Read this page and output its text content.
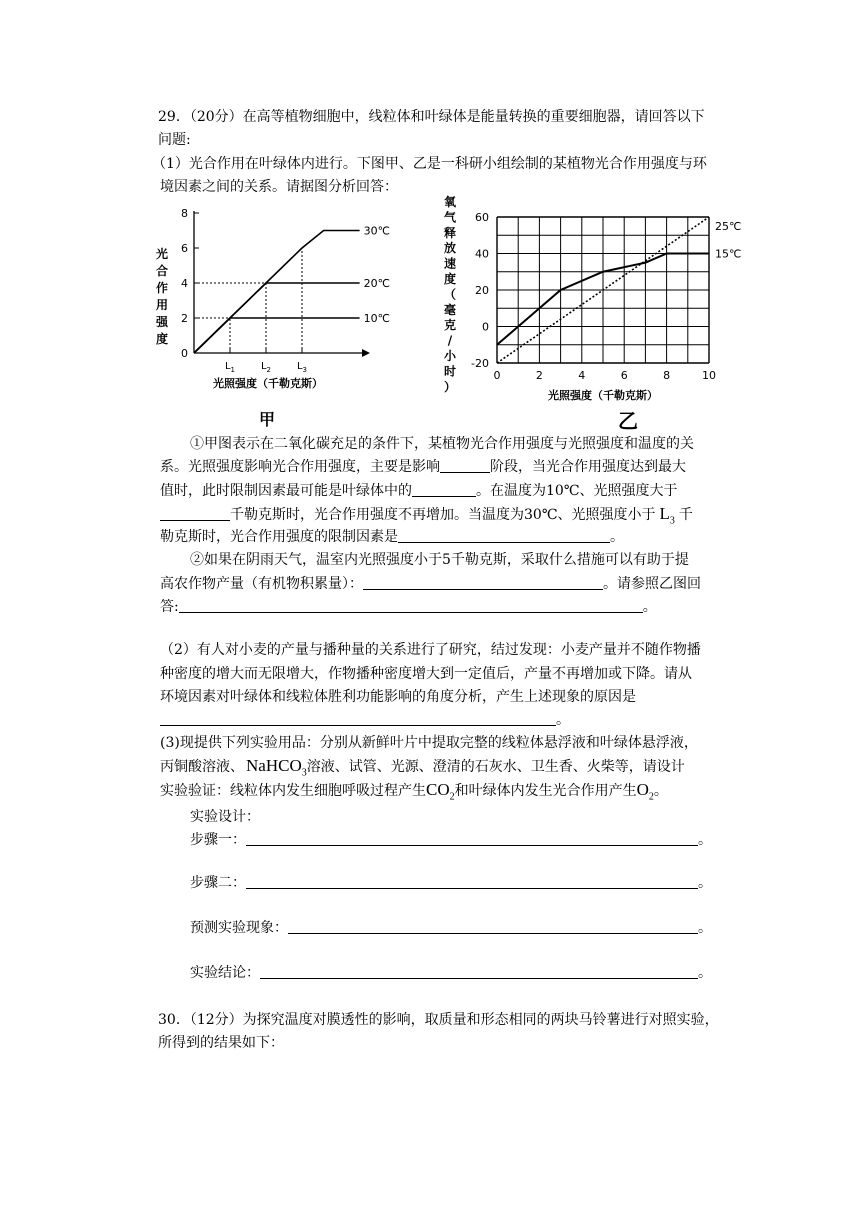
29．（20分）在高等植物细胞中，线粒体和叶绿体是能量转换的重要细胞器，请回答以下
问题:
（1）光合作用在叶绿体内进行。下图甲、乙是一科研小组绘制的某植物光合作用强度与环
境因素之间的关系。请据图分析回答：
光
合
作
用
强
度
0
2
4
6
8
$L_1$	$L_2$	$L_3$
30℃
20℃
10℃
光照强度（千勒克斯）
甲
氧
气
释
放
速
度
（
毫
克
/
小
时
）
-20
0
20
40
60
0	2	4	6	8	10
25℃
15℃
光照强度（千勒克斯）
乙
①甲图表示在二氧化碳充足的条件下，某植物光合作用强度与光照强度和温度的关
系。光照强度影响光合作用强度，主要是影响	阶段，当光合作用强度达到最大
值时，此时限制因素最可能是叶绿体中的	。在温度为10℃、光照强度大于
千勒克斯时，光合作用强度不再增加。当温度为30℃、光照强度小于 $L_3$ 千
勒克斯时，光合作用强度的限制因素是	。
②如果在阴雨天气，温室内光照强度小于5千勒克斯，采取什么措施可以有助于提
高农作物产量（有机物积累量）：	。请参照乙图回
答:	。
（2）有人对小麦的产量与播种量的关系进行了研究，结过发现：小麦产量并不随作物播
种密度的增大而无限增大，作物播种密度增大到一定值后，产量不再增加或下降。请从
环境因素对叶绿体和线粒体胜利功能影响的角度分析，产生上述现象的原因是
。
(3)现提供下列实验用品：分别从新鲜叶片中提取完整的线粒体悬浮液和叶绿体悬浮液，
丙铜酸溶液、 NaHCO$_3$溶液、试管、光源、澄清的石灰水、卫生香、火柴等，请设计
实验验证：线粒体内发生细胞呼吸过程产生$CO_2$和叶绿体内发生光合作用产生$O_2$。
实验设计：
步骤一：	。
步骤二：	。
预测实验现象：	。
实验结论：	。
30．（12分）为探究温度对膜透性的影响，取质量和形态相同的两块马铃薯进行对照实验，
所得到的结果如下：
